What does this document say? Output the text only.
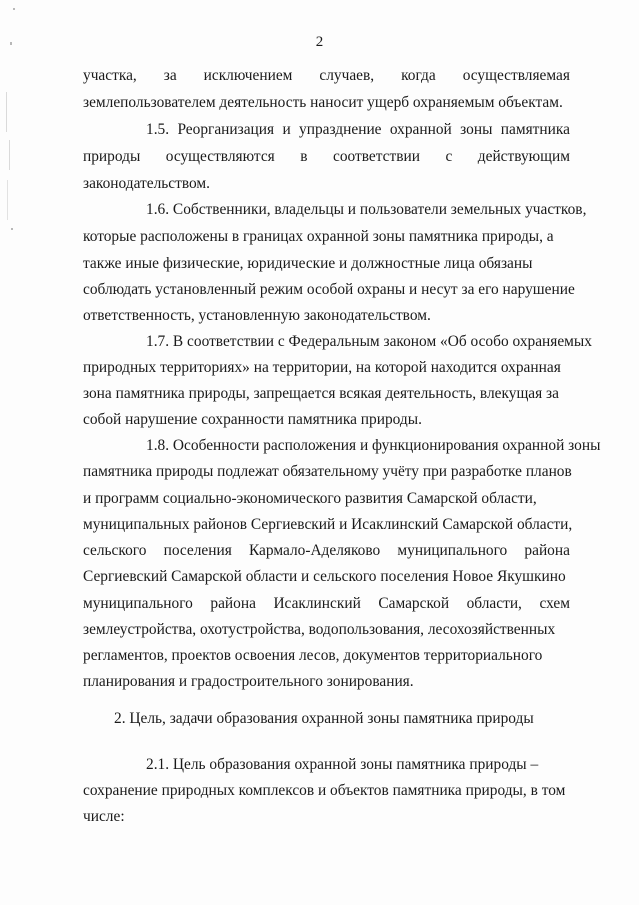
2
участка, за исключением случаев, когда осуществляемая
землепользователем деятельность наносит ущерб охраняемым объектам.
1.5. Реорганизация и упразднение охранной зоны памятника
природы осуществляются в соответствии с действующим
законодательством.
1.6. Собственники, владельцы и пользователи земельных участков,
которые расположены в границах охранной зоны памятника природы, а
также иные физические, юридические и должностные лица обязаны
соблюдать установленный режим особой охраны и несут за его нарушение
ответственность, установленную законодательством.
1.7. В соответствии с Федеральным законом «Об особо охраняемых
природных территориях» на территории, на которой находится охранная
зона памятника природы, запрещается всякая деятельность, влекущая за
собой нарушение сохранности памятника природы.
1.8. Особенности расположения и функционирования охранной зоны
памятника природы подлежат обязательному учёту при разработке планов
и программ социально-экономического развития Самарской области,
муниципальных районов Сергиевский и Исаклинский Самарской области,
сельского поселения Кармало-Аделяково муниципального района
Сергиевский Самарской области и сельского поселения Новое Якушкино
муниципального района Исаклинский Самарской области, схем
землеустройства, охотустройства, водопользования, лесохозяйственных
регламентов, проектов освоения лесов, документов территориального
планирования и градостроительного зонирования.
2. Цель, задачи образования охранной зоны памятника природы
2.1. Цель образования охранной зоны памятника природы –
сохранение природных комплексов и объектов памятника природы, в том
числе:
